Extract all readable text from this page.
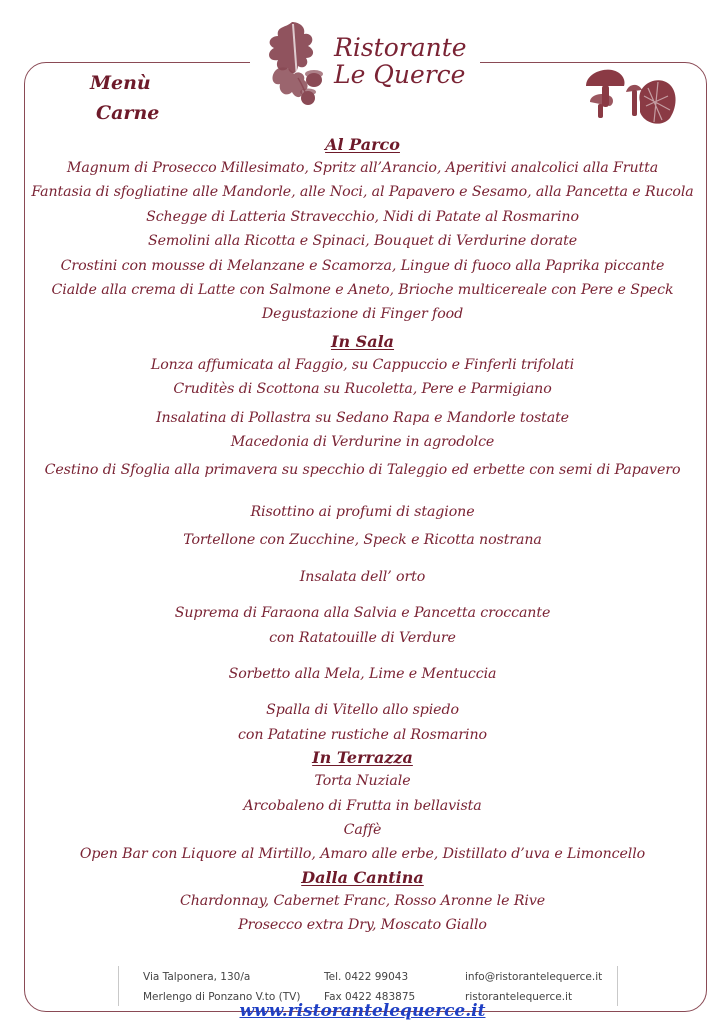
Ristorante
Le Querce
Menù
Carne
Al Parco
Magnum di Prosecco Millesimato, Spritz all’Arancio, Aperitivi analcolici alla Frutta
Fantasia di sfogliatine alle Mandorle, alle Noci, al Papavero e Sesamo, alla Pancetta e Rucola
Schegge di Latteria Stravecchio, Nidi di Patate al Rosmarino
Semolini alla Ricotta e Spinaci, Bouquet di Verdurine dorate
Crostini con mousse di Melanzane e Scamorza, Lingue di fuoco alla Paprika piccante
Cialde alla crema di Latte con Salmone e Aneto, Brioche multicereale con Pere e Speck
Degustazione di Finger food
In Sala
Lonza affumicata al Faggio, su Cappuccio e Finferli trifolati
Cruditès di Scottona su Rucoletta, Pere e Parmigiano
Insalatina di Pollastra su Sedano Rapa e Mandorle tostate
Macedonia di Verdurine in agrodolce
Cestino di Sfoglia alla primavera su specchio di Taleggio ed erbette con semi di Papavero
Risottino ai profumi di stagione
Tortellone con Zucchine, Speck e Ricotta nostrana
Insalata dell’ orto
Suprema di Faraona alla Salvia e Pancetta croccante
con Ratatouille di Verdure
Sorbetto alla Mela, Lime e Mentuccia
Spalla di Vitello allo spiedo
con Patatine rustiche al Rosmarino
In Terrazza
Torta Nuziale
Arcobaleno di Frutta in bellavista
Caffè
Open Bar con Liquore al Mirtillo, Amaro alle erbe, Distillato d’uva e Limoncello
Dalla Cantina
Chardonnay, Cabernet Franc, Rosso Aronne le Rive
Prosecco extra Dry, Moscato Giallo
Via Talponera, 130/a
Merlengo di Ponzano V.to (TV)
Tel. 0422 99043
Fax 0422 483875
info@ristorantelequerce.it
ristorantelequerce.it
www.ristorantelequerce.it
